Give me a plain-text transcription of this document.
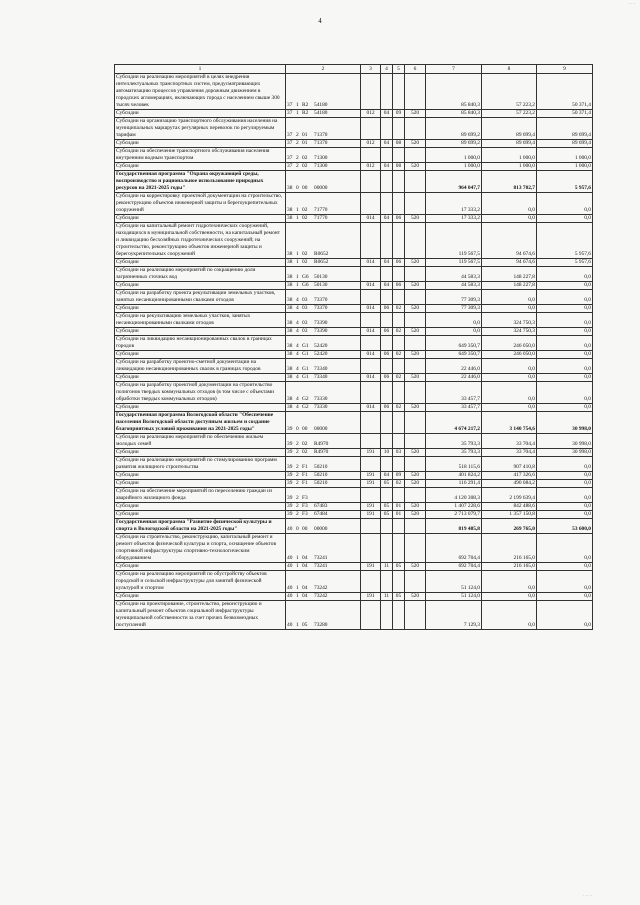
. . .
4
1	2	3	4	5	6	7	8	9
Субсидии на реализацию мероприятий в целях внедрения интеллектуальных транспортных систем, предусматривающих автоматизацию процессов управления дорожным движением в городских агломерациях, включающих города с населением свыше 300 тысяч человек	37 1 R2 54180					85 840,3	57 223,2	50 371,4
Субсидии	37 1 R2 54180	012	04	09	520	85 840,3	57 223,2	50 371,4
Субсидии на организацию транспортного обслуживания населения на муниципальных маршрутах регулярных перевозок по регулируемым тарифам	37 2 01 71370					89 699,2	89 699,4	89 699,4
Субсидии	37 2 01 71370	012	04	08	520	89 699,2	89 699,4	89 699,4
Субсидии на обеспечение транспортного обслуживания населения внутренним водным транспортом	37 2 02 71300					1 000,0	1 000,0	1 000,0
Субсидии	37 2 02 71300	012	04	08	520	1 000,0	1 000,0	1 000,0
Государственная программа "Охрана окружающей среды, воспроизводство и рациональное использование природных ресурсов на 2021-2025 годы"	38 0 00 00000					964 047,7	813 702,7	5 957,6
Субсидии на корректировку проектной документации на строительство, реконструкцию объектов инженерной защиты и берегоукрепительных сооружений	38 1 02 71770					17 333,2	0,0	0,0
Субсидии	38 1 02 71770	014	04	06	520	17 333,2	0,0	0,0
Субсидии на капитальный ремонт гидротехнических сооружений, находящихся в муниципальной собственности, на капитальный ремонт и ликвидацию бесхозяйных гидротехнических сооружений; на строительство, реконструкцию объектов инженерной защиты и берегоукрепительных сооружений	38 1 02 R0652					119 567,5	94 674,6	5 957,6
Субсидии	38 1 02 R0652	014	04	06	520	119 567,5	94 674,6	5 957,6
Субсидии на реализацию мероприятий по сокращению доли загрязненных сточных вод	38 1 G6 50130					44 583,3	148 227,8	0,0
Субсидии	38 1 G6 50130	014	04	06	520	44 583,3	148 227,8	0,0
Субсидии на разработку проекта рекультивации земельных участков, занятых несанкционированными свалками отходов	38 4 03 73370					77 309,3	0,0	0,0
Субсидии	38 4 03 73370	014	06	02	520	77 309,3	0,0	0,0
Субсидии на рекультивацию земельных участков, занятых несанкционированными свалками отходов	38 4 03 73390					0,0	324 750,3	0,0
Субсидии	38 4 03 73390	014	06	02	520	0,0	324 750,3	0,0
Субсидии на ликвидацию несанкционированных свалок в границах городов	38 4 G1 52420					649 350,7	246 050,0	0,0
Субсидии	38 4 G1 52420	014	06	02	520	649 350,7	246 050,0	0,0
Субсидии на разработку проектно-сметной документации на ликвидацию несанкционированных свалок в границах городов	38 4 G1 73340					22 446,0	0,0	0,0
Субсидии	38 4 G1 73340	014	06	02	520	22 446,0	0,0	0,0
Субсидии на разработку проектной документации на строительство полигонов твердых коммунальных отходов (в том числе с объектами обработки твердых коммунальных отходов)	38 4 G2 73330					33 457,7	0,0	0,0
Субсидии	38 4 G2 73330	014	06	02	520	33 457,7	0,0	0,0
Государственная программа Вологодской области "Обеспечение населения Вологодской области доступным жильем и создание благоприятных условий проживания на 2021-2025 годы"	39 0 00 00000					4 674 217,2	3 140 754,6	30 998,0
Субсидии на реализацию мероприятий по обеспечению жильем молодых семей	39 2 02 R4970					35 793,3	33 704,4	30 998,0
Субсидии	39 2 02 R4970	191	10	03	520	35 793,3	33 704,4	30 998,0
Субсидии на реализацию мероприятий по стимулированию программ развития жилищного строительства	39 2 F1 50210					518 115,6	907 410,8	0,0
Субсидии	39 2 F1 50210	191	04	09	520	401 824,2	417 326,6	0,0
Субсидии	39 2 F1 50210	191	05	02	520	116 291,4	490 084,2	0,0
Субсидии на обеспечение мероприятий по переселению граждан из аварийного жилищного фонда	39 2 F3					4 120 308,3	2 199 639,4	0,0
Субсидии	39 2 F3 67483	191	05	01	520	1 407 228,6	842 488,6	0,0
Субсидии	39 2 F3 67484	191	05	01	520	2 713 079,7	1 357 150,8	0,0
Государственная программа "Развитие физической культуры и спорта в Вологодской области на 2021-2025 годы"	40 0 00 00000					819 485,8	269 765,0	53 600,0
Субсидии на строительство, реконструкцию, капитальный ремонт и ремонт объектов физической культуры и спорта, оснащение объектов спортивной инфраструктуры спортивно-технологическим оборудованием	40 1 04 73241					692 704,4	216 165,0	0,0
Субсидии	40 1 04 73241	191	11	05	520	692 704,4	216 165,0	0,0
Субсидии на реализацию мероприятий по обустройству объектов городской и сельской инфраструктуры для занятий физической культурой и спортом	40 1 04 73242					51 124,0	0,0	0,0
Субсидии	40 1 04 73242	191	11	05	520	51 124,0	0,0	0,0
Субсидии на проектирование, строительство, реконструкцию и капитальный ремонт объектов социальной инфраструктуры муниципальной собственности за счет прочих безвозмездных поступлений	40 1 05 73280					7 129,3	0,0	0,0
. . . .
